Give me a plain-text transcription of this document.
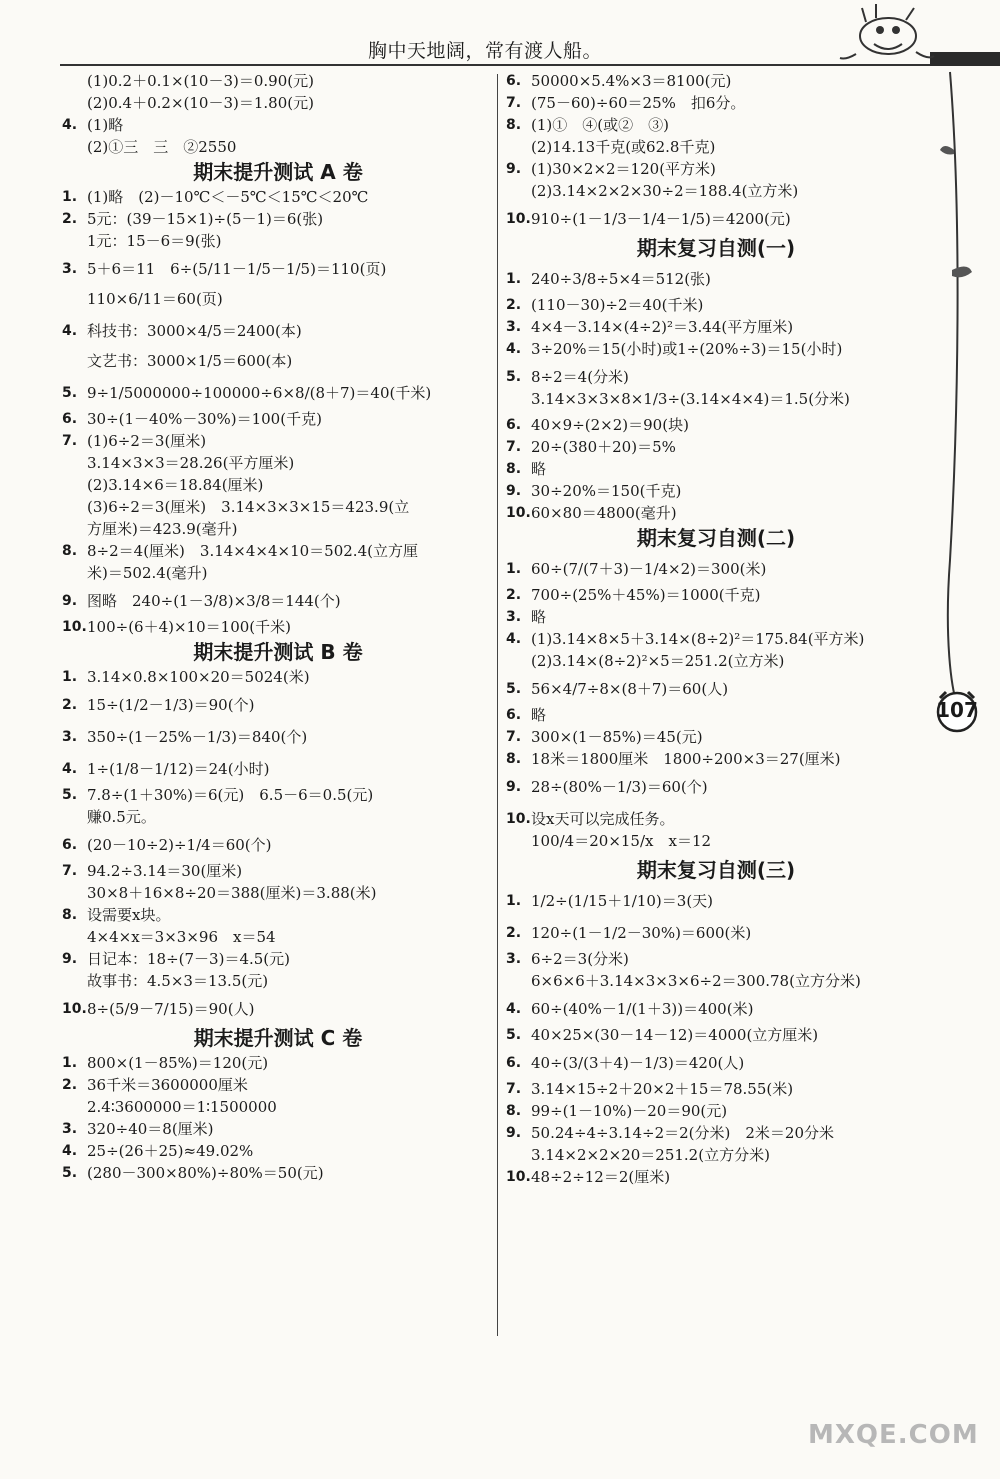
胸中天地阔，常有渡人船。
107
(1)0.2＋0.1×(10－3)＝0.90(元)
(2)0.4＋0.2×(10－3)＝1.80(元)
4. (1)略
(2)①三　三　②2550
期末提升测试 A 卷
1. (1)略　(2)－10℃＜－5℃＜15℃＜20℃
2. 5元：(39－15×1)÷(5－1)＝6(张)
1元：15－6＝9(张)
3. 5＋6＝11　6÷(5/11－1/5－1/5)＝110(页)
110×6/11＝60(页)
4. 科技书：3000×4/5＝2400(本)
文艺书：3000×1/5＝600(本)
5. 9÷1/5000000÷100000÷6×8/(8＋7)＝40(千米)
6. 30÷(1－40%－30%)＝100(千克)
7. (1)6÷2＝3(厘米)
3.14×3×3＝28.26(平方厘米)
(2)3.14×6＝18.84(厘米)
(3)6÷2＝3(厘米)　3.14×3×3×15＝423.9(立
方厘米)＝423.9(毫升)
8. 8÷2＝4(厘米)　3.14×4×4×10＝502.4(立方厘
米)＝502.4(毫升)
9. 图略　240÷(1－3/8)×3/8＝144(个)
10. 100÷(6＋4)×10＝100(千米)
期末提升测试 B 卷
1. 3.14×0.8×100×20＝5024(米)
2. 15÷(1/2－1/3)＝90(个)
3. 350÷(1－25%－1/3)＝840(个)
4. 1÷(1/8－1/12)＝24(小时)
5. 7.8÷(1＋30%)＝6(元)　6.5－6＝0.5(元)
赚0.5元。
6. (20－10÷2)÷1/4＝60(个)
7. 94.2÷3.14＝30(厘米)
30×8＋16×8÷20＝388(厘米)＝3.88(米)
8. 设需要x块。
4×4×x＝3×3×96　x＝54
9. 日记本：18÷(7－3)＝4.5(元)
故事书：4.5×3＝13.5(元)
10. 8÷(5/9－7/15)＝90(人)
期末提升测试 C 卷
1. 800×(1－85%)＝120(元)
2. 36千米＝3600000厘米
2.4∶3600000＝1∶1500000
3. 320÷40＝8(厘米)
4. 25÷(26＋25)≈49.02%
5. (280－300×80%)÷80%＝50(元)
6. 50000×5.4%×3＝8100(元)
7. (75－60)÷60＝25%　扣6分。
8. (1)①　④(或②　③)
(2)14.13千克(或62.8千克)
9. (1)30×2×2＝120(平方米)
(2)3.14×2×2×30÷2＝188.4(立方米)
10. 910÷(1－1/3－1/4－1/5)＝4200(元)
期末复习自测(一)
1. 240÷3/8÷5×4＝512(张)
2. (110－30)÷2＝40(千米)
3. 4×4－3.14×(4÷2)²＝3.44(平方厘米)
4. 3÷20%＝15(小时)或1÷(20%÷3)＝15(小时)
5. 8÷2＝4(分米)
3.14×3×3×8×1/3÷(3.14×4×4)＝1.5(分米)
6. 40×9÷(2×2)＝90(块)
7. 20÷(380＋20)＝5%
8. 略
9. 30÷20%＝150(千克)
10. 60×80＝4800(毫升)
期末复习自测(二)
1. 60÷(7/(7＋3)－1/4×2)＝300(米)
2. 700÷(25%＋45%)＝1000(千克)
3. 略
4. (1)3.14×8×5＋3.14×(8÷2)²＝175.84(平方米)
(2)3.14×(8÷2)²×5＝251.2(立方米)
5. 56×4/7÷8×(8＋7)＝60(人)
6. 略
7. 300×(1－85%)＝45(元)
8. 18米＝1800厘米　1800÷200×3＝27(厘米)
9. 28÷(80%－1/3)＝60(个)
10. 设x天可以完成任务。
100/4＝20×15/x　x＝12
期末复习自测(三)
1. 1/2÷(1/15＋1/10)＝3(天)
2. 120÷(1－1/2－30%)＝600(米)
3. 6÷2＝3(分米)
6×6×6＋3.14×3×3×6÷2＝300.78(立方分米)
4. 60÷(40%－1/(1＋3))＝400(米)
5. 40×25×(30－14－12)＝4000(立方厘米)
6. 40÷(3/(3＋4)－1/3)＝420(人)
7. 3.14×15÷2＋20×2＋15＝78.55(米)
8. 99÷(1－10%)－20＝90(元)
9. 50.24÷4÷3.14÷2＝2(分米)　2米＝20分米
3.14×2×2×20＝251.2(立方分米)
10. 48÷2÷12＝2(厘米)
MXQE.COM
